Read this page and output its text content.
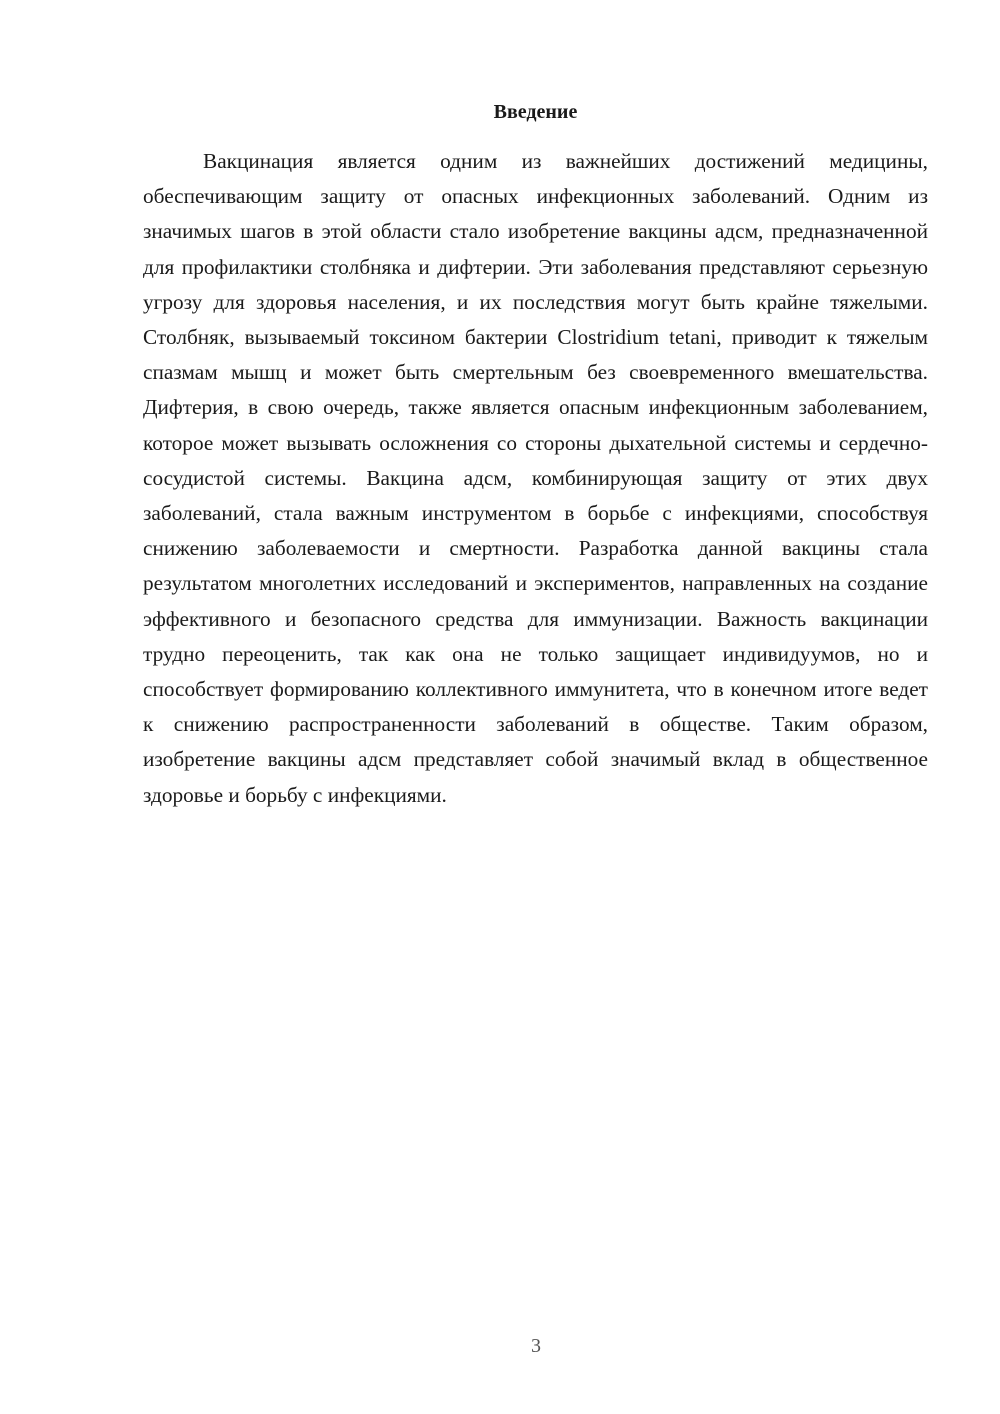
Введение

Вакцинация является одним из важнейших достижений медицины, обеспечивающим защиту от опасных инфекционных заболеваний. Одним из значимых шагов в этой области стало изобретение вакцины адсм, предназначенной для профилактики столбняка и дифтерии. Эти заболевания представляют серьезную угрозу для здоровья населения, и их последствия могут быть крайне тяжелыми. Столбняк, вызываемый токсином бактерии Clostridium tetani, приводит к тяжелым спазмам мышц и может быть смертельным без своевременного вмешательства. Дифтерия, в свою очередь, также является опасным инфекционным заболеванием, которое может вызывать осложнения со стороны дыхательной системы и сердечно-сосудистой системы. Вакцина адсм, комбинирующая защиту от этих двух заболеваний, стала важным инструментом в борьбе с инфекциями, способствуя снижению заболеваемости и смертности. Разработка данной вакцины стала результатом многолетних исследований и экспериментов, направленных на создание эффективного и безопасного средства для иммунизации. Важность вакцинации трудно переоценить, так как она не только защищает индивидуумов, но и способствует формированию коллективного иммунитета, что в конечном итоге ведет к снижению распространенности заболеваний в обществе. Таким образом, изобретение вакцины адсм представляет собой значимый вклад в общественное здоровье и борьбу с инфекциями.

3
